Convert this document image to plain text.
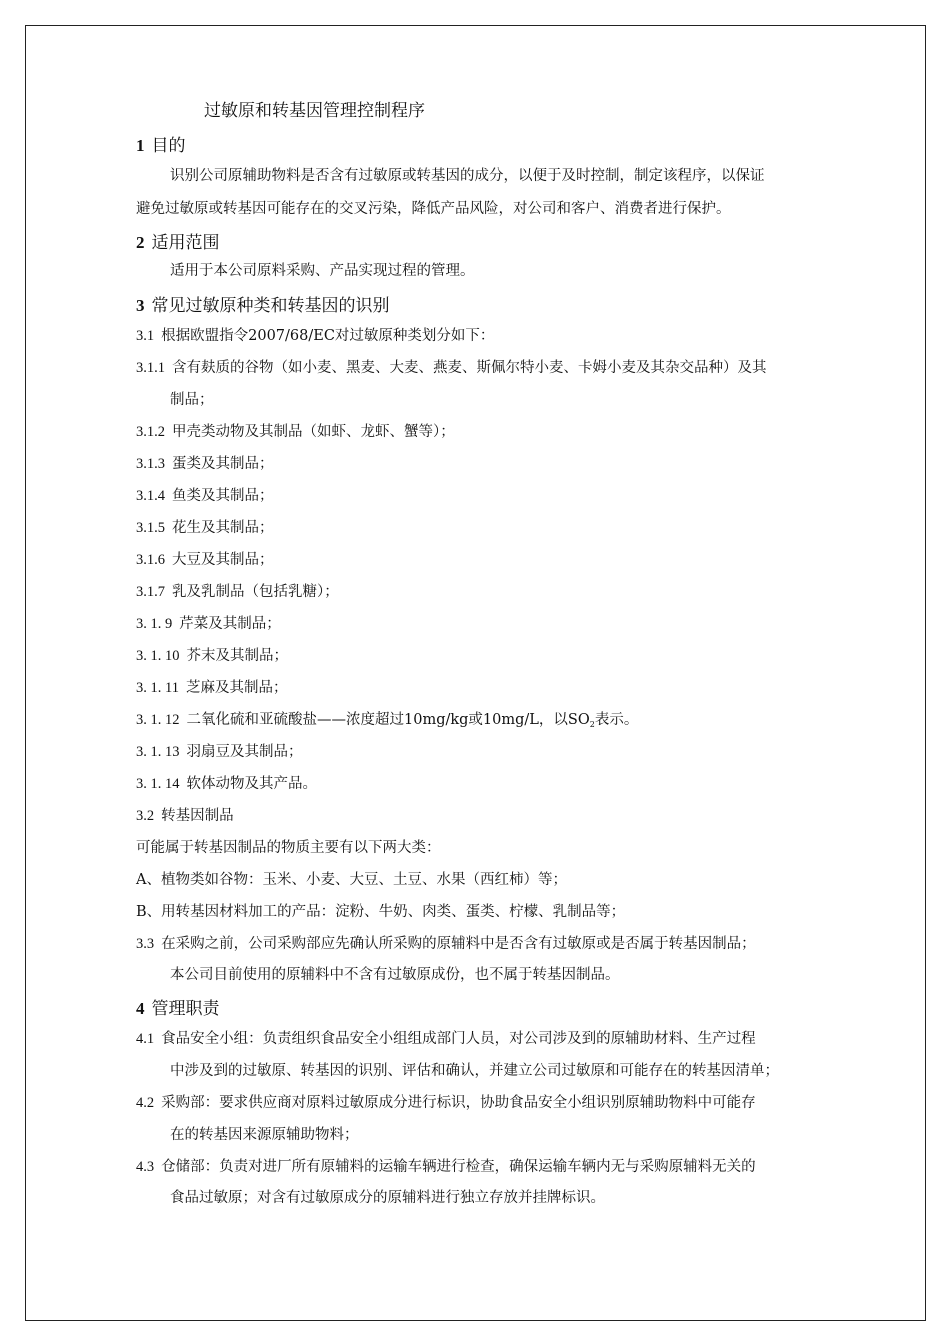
过敏原和转基因管理控制程序
1 目的
识别公司原辅助物料是否含有过敏原或转基因的成分，以便于及时控制，制定该程序，以保证
避免过敏原或转基因可能存在的交叉污染，降低产品风险，对公司和客户、消费者进行保护。
2 适用范围
适用于本公司原料采购、产品实现过程的管理。
3 常见过敏原种类和转基因的识别
3.1 根据欧盟指令2007/68/EC对过敏原种类划分如下：
3.1.1 含有麸质的谷物（如小麦、黑麦、大麦、燕麦、斯佩尔特小麦、卡姆小麦及其杂交品种）及其
制品；
3.1.2 甲壳类动物及其制品（如虾、龙虾、蟹等）；
3.1.3 蛋类及其制品；
3.1.4 鱼类及其制品；
3.1.5 花生及其制品；
3.1.6 大豆及其制品；
3.1.7 乳及乳制品（包括乳糖）；
3. 1. 9 芹菜及其制品；
3. 1. 10 芥末及其制品；
3. 1. 11 芝麻及其制品；
3. 1. 12 二氧化硫和亚硫酸盐——浓度超过10mg/kg或10mg/L，以$SO_2$表示。
3. 1. 13 羽扇豆及其制品；
3. 1. 14 软体动物及其产品。
3.2 转基因制品
可能属于转基因制品的物质主要有以下两大类：
A、植物类如谷物：玉米、小麦、大豆、土豆、水果（西红柿）等；
B、用转基因材料加工的产品：淀粉、牛奶、肉类、蛋类、柠檬、乳制品等；
3.3 在采购之前，公司采购部应先确认所采购的原辅料中是否含有过敏原或是否属于转基因制品；
本公司目前使用的原辅料中不含有过敏原成份，也不属于转基因制品。
4 管理职责
4.1 食品安全小组：负责组织食品安全小组组成部门人员，对公司涉及到的原辅助材料、生产过程
中涉及到的过敏原、转基因的识别、评估和确认，并建立公司过敏原和可能存在的转基因清单；
4.2 采购部：要求供应商对原料过敏原成分进行标识，协助食品安全小组识别原辅助物料中可能存
在的转基因来源原辅助物料；
4.3 仓储部：负责对进厂所有原辅料的运输车辆进行检查，确保运输车辆内无与采购原辅料无关的
食品过敏原；对含有过敏原成分的原辅料进行独立存放并挂牌标识。
